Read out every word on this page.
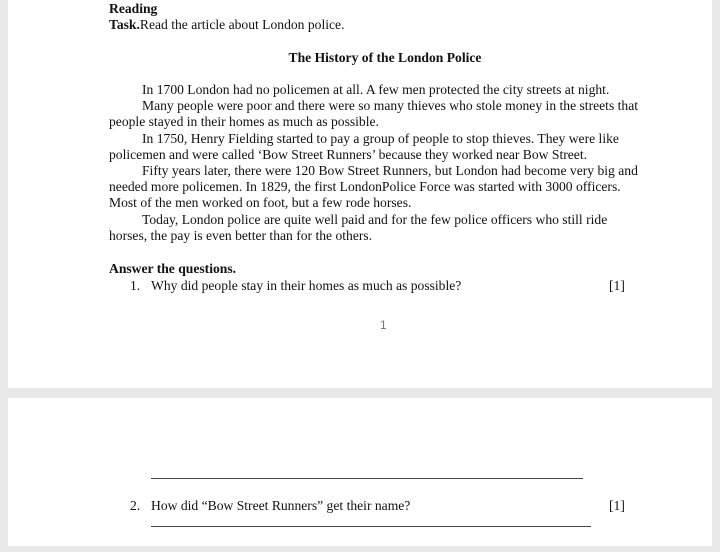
Reading
Task.Read the article about London police.
The History of the London Police
In 1700 London had no policemen at all. A few men protected the city streets at night.
Many people were poor and there were so many thieves who stole money in the streets that
people stayed in their homes as much as possible.
In 1750, Henry Fielding started to pay a group of people to stop thieves. They were like
policemen and were called ‘Bow Street Runners’ because they worked near Bow Street.
Fifty years later, there were 120 Bow Street Runners, but London had become very big and
needed more policemen. In 1829, the first LondonPolice Force was started with 3000 officers.
Most of the men worked on foot, but a few rode horses.
Today, London police are quite well paid and for the few police officers who still ride
horses, the pay is even better than for the others.
Answer the questions.
1. Why did people stay in their homes as much as possible?	[1]
1
2. How did “Bow Street Runners” get their name?	[1]
